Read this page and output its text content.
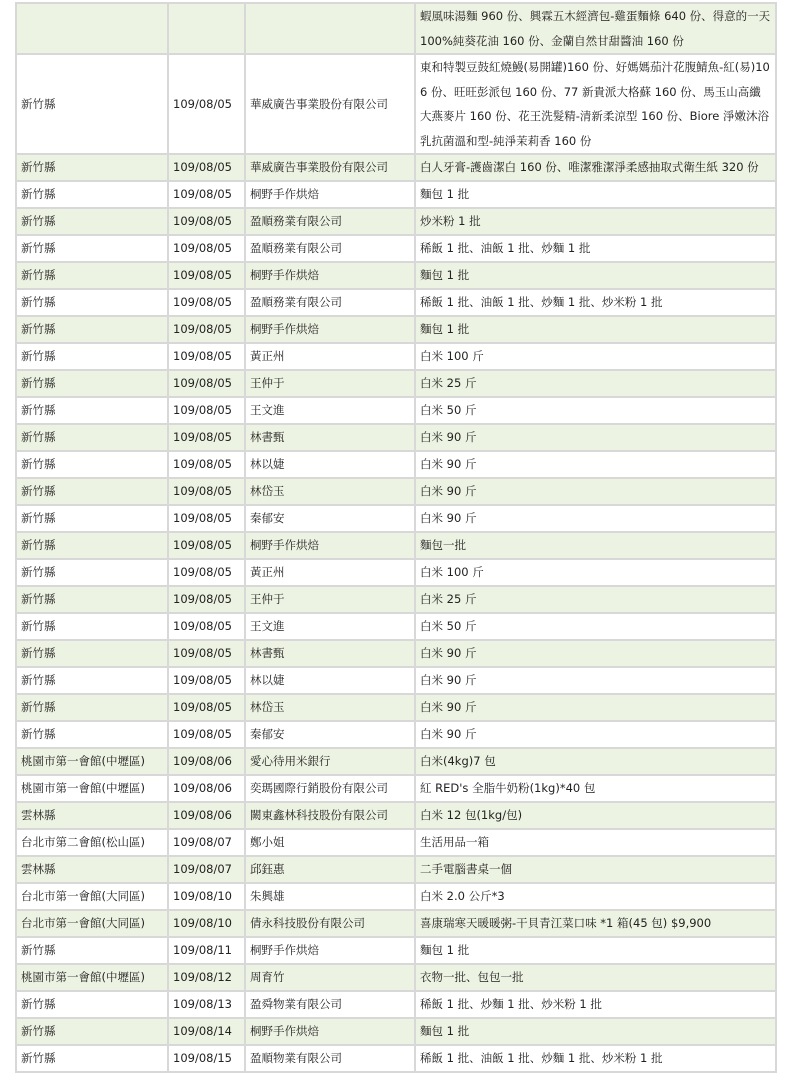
			蝦風味湯麵 960 份、興霖五木經濟包-雞蛋麵條 640 份、得意的一天 100%純葵花油 160 份、金蘭自然甘甜醬油 160 份
新竹縣	109/08/05	華威廣告事業股份有限公司	東和特製豆鼓紅燒鰻(易開罐)160 份、好媽媽茄汁花腹鯖魚-紅(易)106 份、旺旺彭派包 160 份、77 新貴派大格蘇 160 份、馬玉山高纖大燕麥片 160 份、花王洗髮精-清新柔涼型 160 份、Biore 淨嫩沐浴乳抗菌溫和型-純淨茉莉香 160 份
新竹縣	109/08/05	華威廣告事業股份有限公司	白人牙膏-護齒潔白 160 份、唯潔雅潔淨柔感抽取式衛生紙 320 份
新竹縣	109/08/05	桐野手作烘焙	麵包 1 批
新竹縣	109/08/05	盈順務業有限公司	炒米粉 1 批
新竹縣	109/08/05	盈順務業有限公司	稀飯 1 批、油飯 1 批、炒麵 1 批
新竹縣	109/08/05	桐野手作烘焙	麵包 1 批
新竹縣	109/08/05	盈順務業有限公司	稀飯 1 批、油飯 1 批、炒麵 1 批、炒米粉 1 批
新竹縣	109/08/05	桐野手作烘焙	麵包 1 批
新竹縣	109/08/05	黃正州	白米 100 斤
新竹縣	109/08/05	王仲于	白米 25 斤
新竹縣	109/08/05	王文進	白米 50 斤
新竹縣	109/08/05	林書甄	白米 90 斤
新竹縣	109/08/05	林以婕	白米 90 斤
新竹縣	109/08/05	林岱玉	白米 90 斤
新竹縣	109/08/05	秦郁安	白米 90 斤
新竹縣	109/08/05	桐野手作烘焙	麵包一批
新竹縣	109/08/05	黃正州	白米 100 斤
新竹縣	109/08/05	王仲于	白米 25 斤
新竹縣	109/08/05	王文進	白米 50 斤
新竹縣	109/08/05	林書甄	白米 90 斤
新竹縣	109/08/05	林以婕	白米 90 斤
新竹縣	109/08/05	林岱玉	白米 90 斤
新竹縣	109/08/05	秦郁安	白米 90 斤
桃園市第一會館(中壢區)	109/08/06	愛心待用米銀行	白米(4kg)7 包
桃園市第一會館(中壢區)	109/08/06	奕瑪國際行銷股份有限公司	紅 RED's 全脂牛奶粉(1kg)*40 包
雲林縣	109/08/06	闕東鑫林科技股份有限公司	白米 12 包(1kg/包)
台北市第二會館(松山區)	109/08/07	鄭小姐	生活用品一箱
雲林縣	109/08/07	邱鈺惠	二手電腦書桌一個
台北市第一會館(大同區)	109/08/10	朱興雄	白米 2.0 公斤*3
台北市第一會館(大同區)	109/08/10	倩永科技股份有限公司	喜康瑞寒天暖暖粥-干貝青江菜口味 *1 箱(45 包) $9,900
新竹縣	109/08/11	桐野手作烘焙	麵包 1 批
桃園市第一會館(中壢區)	109/08/12	周育竹	衣物一批、包包一批
新竹縣	109/08/13	盈舜物業有限公司	稀飯 1 批、炒麵 1 批、炒米粉 1 批
新竹縣	109/08/14	桐野手作烘焙	麵包 1 批
新竹縣	109/08/15	盈順物業有限公司	稀飯 1 批、油飯 1 批、炒麵 1 批、炒米粉 1 批
